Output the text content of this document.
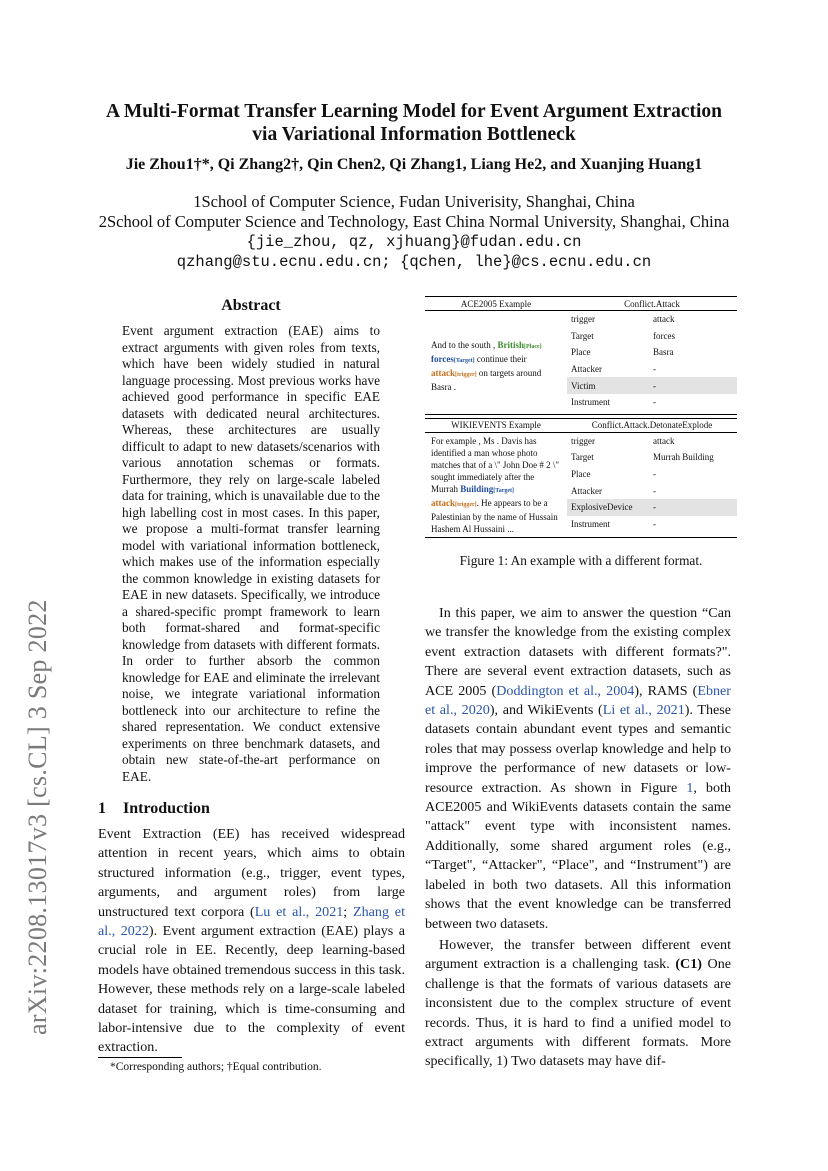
arXiv:2208.13017v3 [cs.CL] 3 Sep 2022
A Multi-Format Transfer Learning Model for Event Argument Extraction
via Variational Information Bottleneck
Jie Zhou1†*, Qi Zhang2†, Qin Chen2, Qi Zhang1, Liang He2, and Xuanjing Huang1
1School of Computer Science, Fudan Univerisity, Shanghai, China
2School of Computer Science and Technology, East China Normal University, Shanghai, China
{jie_zhou, qz, xjhuang}@fudan.edu.cn
qzhang@stu.ecnu.edu.cn; {qchen, lhe}@cs.ecnu.edu.cn
Abstract
Event argument extraction (EAE) aims to extract arguments with given roles from texts, which have been widely studied in natural language processing. Most previous works have achieved good performance in specific EAE datasets with dedicated neural architectures. Whereas, these architectures are usually difficult to adapt to new datasets/scenarios with various annotation schemas or formats. Furthermore, they rely on large-scale labeled data for training, which is unavailable due to the high labelling cost in most cases. In this paper, we propose a multi-format transfer learning model with variational information bottleneck, which makes use of the information especially the common knowledge in existing datasets for EAE in new datasets. Specifically, we introduce a shared-specific prompt framework to learn both format-shared and format-specific knowledge from datasets with different formats. In order to further absorb the common knowledge for EAE and eliminate the irrelevant noise, we integrate variational information bottleneck into our architecture to refine the shared representation. We conduct extensive experiments on three benchmark datasets, and obtain new state-of-the-art performance on EAE.
1 Introduction

Event Extraction (EE) has received widespread attention in recent years, which aims to obtain structured information (e.g., trigger, event types, arguments, and argument roles) from large unstructured text corpora (Lu et al., 2021; Zhang et al., 2022). Event argument extraction (EAE) plays a crucial role in EE. Recently, deep learning-based models have obtained tremendous success in this task. However, these methods rely on a large-scale labeled dataset for training, which is time-consuming and labor-intensive due to the complexity of event extraction.

*Corresponding authors; †Equal contribution.
ACE2005 Example	Conflict.Attack
And to the south , British[Place] forces[Target] continue their attack[trigger] on targets around Basra .
trigger	attack
Target	forces
Place	Basra
Attacker	-
Victim	-
Instrument	-
WIKIEVENTS Example	Conflict.Attack.DetonateExplode
For example , Ms . Davis has identified a man whose photo matches that of a \" John Doe # 2 \" sought immediately after the Murrah Building[Target] attack[trigger]. He appears to be a Palestinian by the name of Hussain Hashem Al Hussaini ...
trigger	attack
Target	Murrah Building
Place	-
Attacker	-
ExplosiveDevice	-
Instrument	-
Figure 1: An example with a different format.

In this paper, we aim to answer the question “Can we transfer the knowledge from the existing complex event extraction datasets with different formats?". There are several event extraction datasets, such as ACE 2005 (Doddington et al., 2004), RAMS (Ebner et al., 2020), and WikiEvents (Li et al., 2021). These datasets contain abundant event types and semantic roles that may possess overlap knowledge and help to improve the performance of new datasets or low-resource extraction. As shown in Figure 1, both ACE2005 and WikiEvents datasets contain the same "attack" event type with inconsistent names. Additionally, some shared argument roles (e.g., “Target", “Attacker", “Place", and “Instrument") are labeled in both two datasets. All this information shows that the event knowledge can be transferred between two datasets.

However, the transfer between different event argument extraction is a challenging task. (C1) One challenge is that the formats of various datasets are inconsistent due to the complex structure of event records. Thus, it is hard to find a unified model to extract arguments with different formats. More specifically, 1) Two datasets may have dif-
